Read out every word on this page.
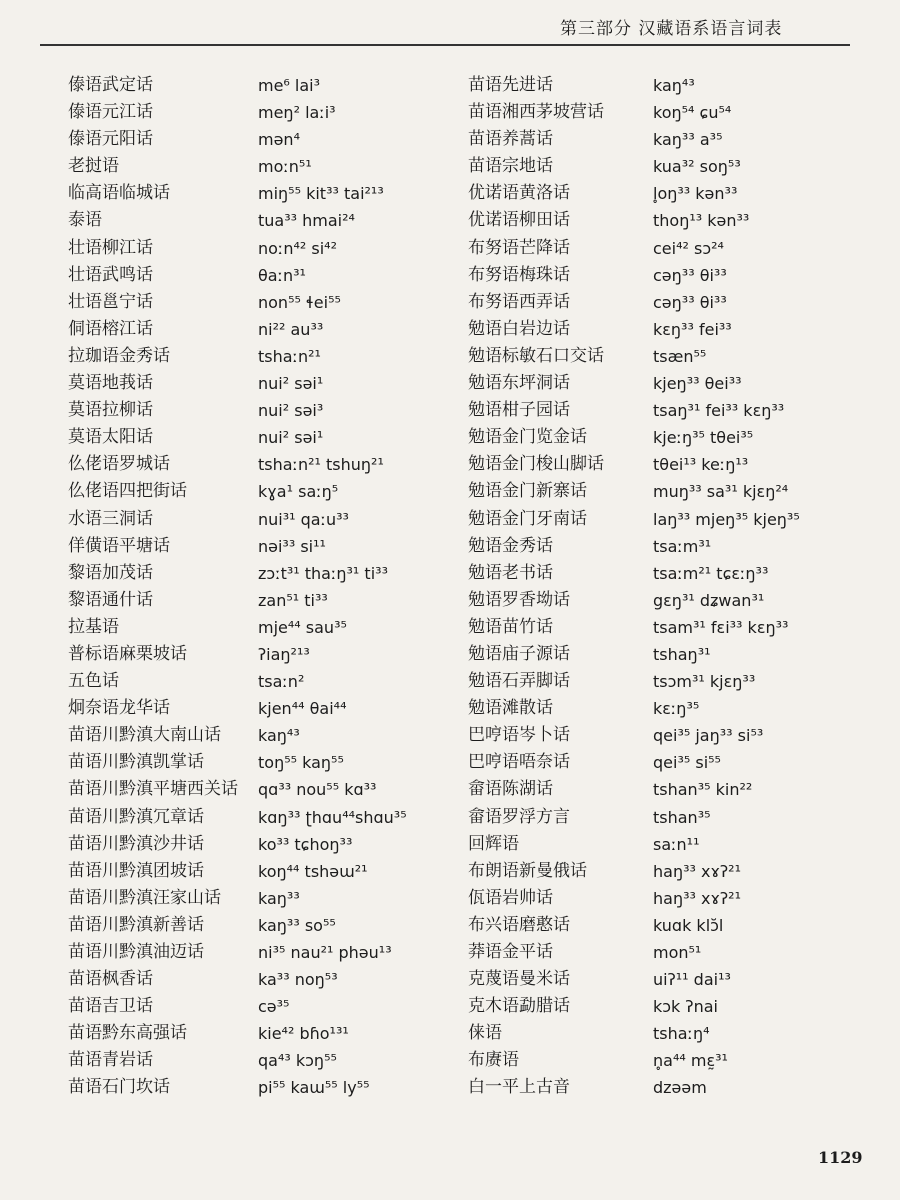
第三部分 汉藏语系语言词表
傣语武定话	me⁶ lai³
傣语元江话	meŋ² laːi³
傣语元阳话	mən⁴
老挝语	moːn⁵¹
临高语临城话	miŋ⁵⁵ kit³³ tai²¹³
泰语	tua³³ hmai²⁴
壮语柳江话	noːn⁴² si⁴²
壮语武鸣话	θaːn³¹
壮语邕宁话	non⁵⁵ ɬei⁵⁵
侗语榕江话	ni²² au³³
拉珈语金秀话	tshaːn²¹
莫语地莪话	nui² səi¹
莫语拉柳话	nui² səi³
莫语太阳话	nui² səi¹
仫佬语罗城话	tshaːn²¹ tshuŋ²¹
仫佬语四把街话	kɣa¹ saːŋ⁵
水语三洞话	nui³¹ qaːu³³
佯僙语平塘话	nəi³³ si¹¹
黎语加茂话	zɔːt³¹ thaːŋ³¹ ti³³
黎语通什话	zan⁵¹ ti³³
拉基语	mje⁴⁴ sau³⁵
普标语麻栗坡话	ʔiaŋ²¹³
五色话	tsaːn²
炯奈语龙华话	kjen⁴⁴ θai⁴⁴
苗语川黔滇大南山话	kaŋ⁴³
苗语川黔滇凯掌话	toŋ⁵⁵ kaŋ⁵⁵
苗语川黔滇平塘西关话	qɑ³³ nou⁵⁵ kɑ³³
苗语川黔滇冗章话	kɑŋ³³ ʈhɑu⁴⁴shɑu³⁵
苗语川黔滇沙井话	ko³³ tɕhoŋ³³
苗语川黔滇团坡话	koŋ⁴⁴ tshəɯ²¹
苗语川黔滇汪家山话	kaŋ³³
苗语川黔滇新善话	kaŋ³³ so⁵⁵
苗语川黔滇油迈话	ni³⁵ nau²¹ phəu¹³
苗语枫香话	ka³³ noŋ⁵³
苗语吉卫话	cə³⁵
苗语黔东高强话	kie⁴² bɦo¹³¹
苗语青岩话	qa⁴³ kɔŋ⁵⁵
苗语石门坎话	pi⁵⁵ kaɯ⁵⁵ ly⁵⁵
苗语先进话	kaŋ⁴³
苗语湘西茅坡营话	koŋ⁵⁴ ɕu⁵⁴
苗语养蒿话	kaŋ³³ a³⁵
苗语宗地话	kua³² soŋ⁵³
优诺语黄洛话	l̥oŋ³³ kən³³
优诺语柳田话	thoŋ¹³ kən³³
布努语芒降话	cei⁴² sɔ²⁴
布努语梅珠话	cəŋ³³ θi³³
布努语西弄话	cəŋ³³ θi³³
勉语白岩边话	kɛŋ³³ fei³³
勉语标敏石口交话	tsæn⁵⁵
勉语东坪洞话	kjeŋ³³ θei³³
勉语柑子园话	tsaŋ³¹ fei³³ kɛŋ³³
勉语金门览金话	kjeːŋ³⁵ tθei³⁵
勉语金门梭山脚话	tθei¹³ keːŋ¹³
勉语金门新寨话	muŋ³³ sa³¹ kjɛŋ²⁴
勉语金门牙南话	laŋ³³ mjeŋ³⁵ kjeŋ³⁵
勉语金秀话	tsaːm³¹
勉语老书话	tsaːm²¹ tɕɛːŋ³³
勉语罗香坳话	gɛŋ³¹ dʑwan³¹
勉语苗竹话	tsam³¹ fɛi³³ kɛŋ³³
勉语庙子源话	tshaŋ³¹
勉语石弄脚话	tsɔm³¹ kjɛŋ³³
勉语滩散话	kɛːŋ³⁵
巴哼语岑卜话	qei³⁵ jaŋ³³ si⁵³
巴哼语唔奈话	qei³⁵ si⁵⁵
畲语陈湖话	tshan³⁵ kin²²
畲语罗浮方言	tshan³⁵
回辉语	saːn¹¹
布朗语新曼俄话	haŋ³³ xɤʔ²¹
佤语岩帅话	haŋ³³ xɤʔ²¹
布兴语磨憨话	kuɑk klɔ̆l
莽语金平话	mon⁵¹
克蔑语曼米话	uiʔ¹¹ dai¹³
克木语勐腊话	kɔk ʔnai
俫语	tshaːŋ⁴
布赓语	n̥a⁴⁴ mɛ̰³¹
白一平上古音	dzəəm
1129
